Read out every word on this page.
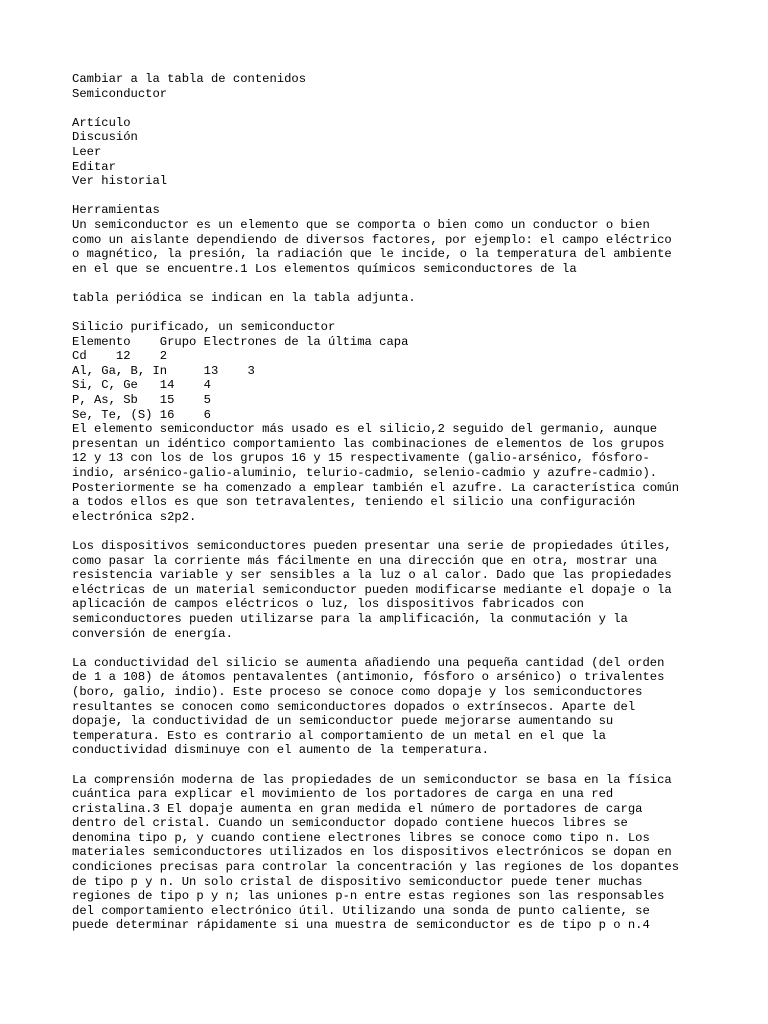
Cambiar a la tabla de contenidos
Semiconductor
Artículo
Discusión
Leer
Editar
Ver historial
Herramientas
Un semiconductor es un elemento que se comporta o bien como un conductor o bien
como un aislante dependiendo de diversos factores, por ejemplo: el campo eléctrico
o magnético, la presión, la radiación que le incide, o la temperatura del ambiente
en el que se encuentre.1 Los elementos químicos semiconductores de la
tabla periódica se indican en la tabla adjunta.
Silicio purificado, un semiconductor
Elemento    Grupo Electrones de la última capa
Cd    12    2
Al, Ga, B, In     13    3
Si, C, Ge   14    4
P, As, Sb   15    5
Se, Te, (S) 16    6
El elemento semiconductor más usado es el silicio,2 seguido del germanio, aunque
presentan un idéntico comportamiento las combinaciones de elementos de los grupos
12 y 13 con los de los grupos 16 y 15 respectivamente (galio-arsénico, fósforo-
indio, arsénico-galio-aluminio, telurio-cadmio, selenio-cadmio y azufre-cadmio).
Posteriormente se ha comenzado a emplear también el azufre. La característica común
a todos ellos es que son tetravalentes, teniendo el silicio una configuración
electrónica s2p2.
Los dispositivos semiconductores pueden presentar una serie de propiedades útiles,
como pasar la corriente más fácilmente en una dirección que en otra, mostrar una
resistencia variable y ser sensibles a la luz o al calor. Dado que las propiedades
eléctricas de un material semiconductor pueden modificarse mediante el dopaje o la
aplicación de campos eléctricos o luz, los dispositivos fabricados con
semiconductores pueden utilizarse para la amplificación, la conmutación y la
conversión de energía.
La conductividad del silicio se aumenta añadiendo una pequeña cantidad (del orden
de 1 a 108) de átomos pentavalentes (antimonio, fósforo o arsénico) o trivalentes
(boro, galio, indio). Este proceso se conoce como dopaje y los semiconductores
resultantes se conocen como semiconductores dopados o extrínsecos. Aparte del
dopaje, la conductividad de un semiconductor puede mejorarse aumentando su
temperatura. Esto es contrario al comportamiento de un metal en el que la
conductividad disminuye con el aumento de la temperatura.
La comprensión moderna de las propiedades de un semiconductor se basa en la física
cuántica para explicar el movimiento de los portadores de carga en una red
cristalina.3 El dopaje aumenta en gran medida el número de portadores de carga
dentro del cristal. Cuando un semiconductor dopado contiene huecos libres se
denomina tipo p, y cuando contiene electrones libres se conoce como tipo n. Los
materiales semiconductores utilizados en los dispositivos electrónicos se dopan en
condiciones precisas para controlar la concentración y las regiones de los dopantes
de tipo p y n. Un solo cristal de dispositivo semiconductor puede tener muchas
regiones de tipo p y n; las uniones p-n entre estas regiones son las responsables
del comportamiento electrónico útil. Utilizando una sonda de punto caliente, se
puede determinar rápidamente si una muestra de semiconductor es de tipo p o n.4
